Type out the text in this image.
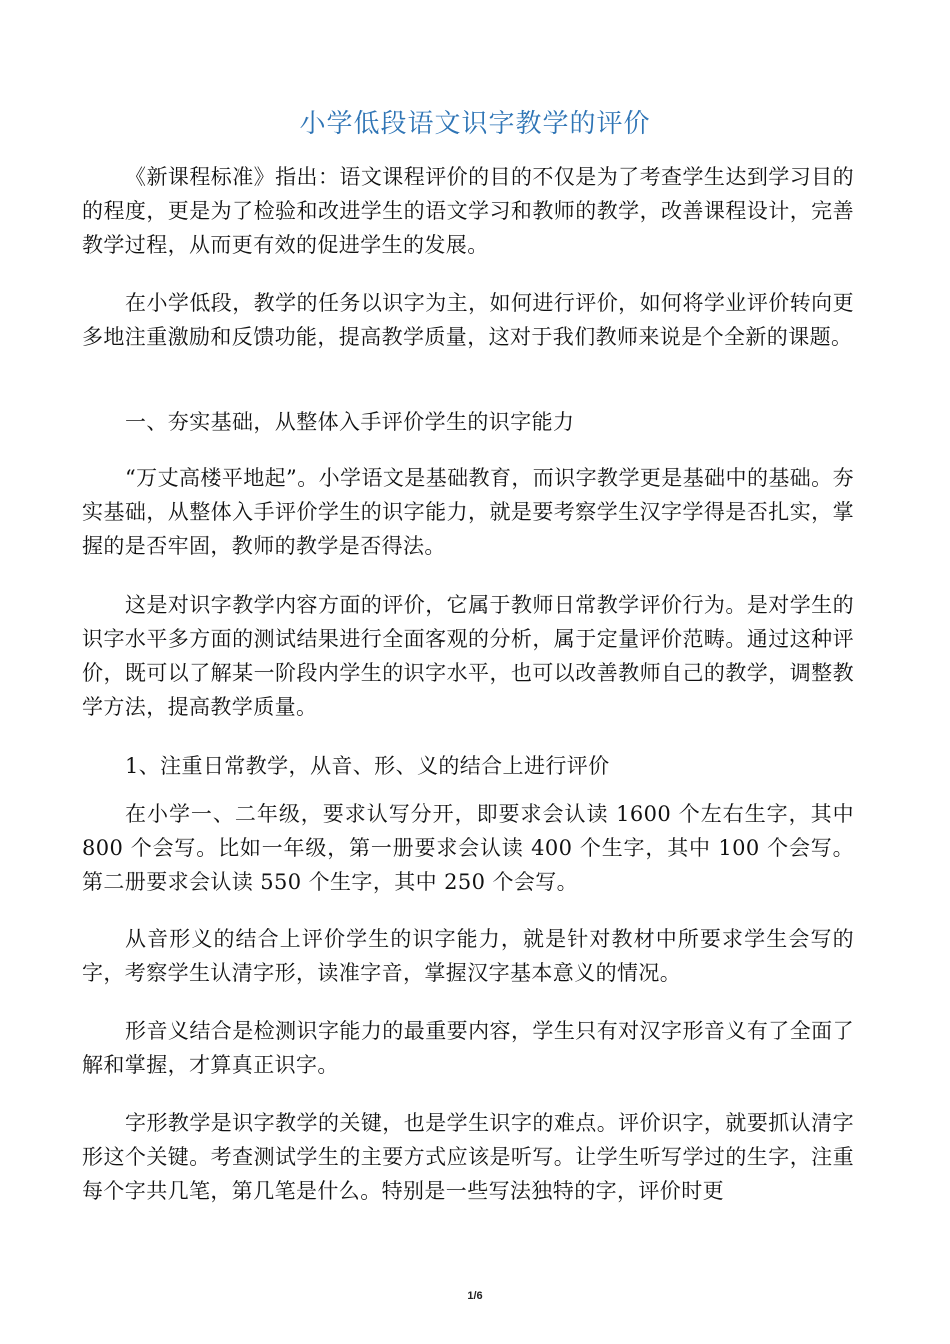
小学低段语文识字教学的评价

《新课程标准》指出：语文课程评价的目的不仅是为了考查学生达到学习目的的程度，更是为了检验和改进学生的语文学习和教师的教学，改善课程设计，完善教学过程，从而更有效的促进学生的发展。

在小学低段，教学的任务以识字为主，如何进行评价，如何将学业评价转向更多地注重激励和反馈功能，提高教学质量，这对于我们教师来说是个全新的课题。

一、夯实基础，从整体入手评价学生的识字能力

“万丈高楼平地起”。小学语文是基础教育，而识字教学更是基础中的基础。夯实基础，从整体入手评价学生的识字能力，就是要考察学生汉字学得是否扎实，掌握的是否牢固，教师的教学是否得法。

这是对识字教学内容方面的评价，它属于教师日常教学评价行为。是对学生的识字水平多方面的测试结果进行全面客观的分析，属于定量评价范畴。通过这种评价，既可以了解某一阶段内学生的识字水平，也可以改善教师自己的教学，调整教学方法，提高教学质量。

1、注重日常教学，从音、形、义的结合上进行评价

在小学一、二年级，要求认写分开，即要求会认读 1600 个左右生字，其中 800 个会写。比如一年级，第一册要求会认读 400 个生字，其中 100 个会写。第二册要求会认读 550 个生字，其中 250 个会写。

从音形义的结合上评价学生的识字能力，就是针对教材中所要求学生会写的字，考察学生认清字形，读准字音，掌握汉字基本意义的情况。

形音义结合是检测识字能力的最重要内容，学生只有对汉字形音义有了全面了解和掌握，才算真正识字。

字形教学是识字教学的关键，也是学生识字的难点。评价识字，就要抓认清字形这个关键。考查测试学生的主要方式应该是听写。让学生听写学过的生字，注重每个字共几笔，第几笔是什么。特别是一些写法独特的字，评价时更

1/6
